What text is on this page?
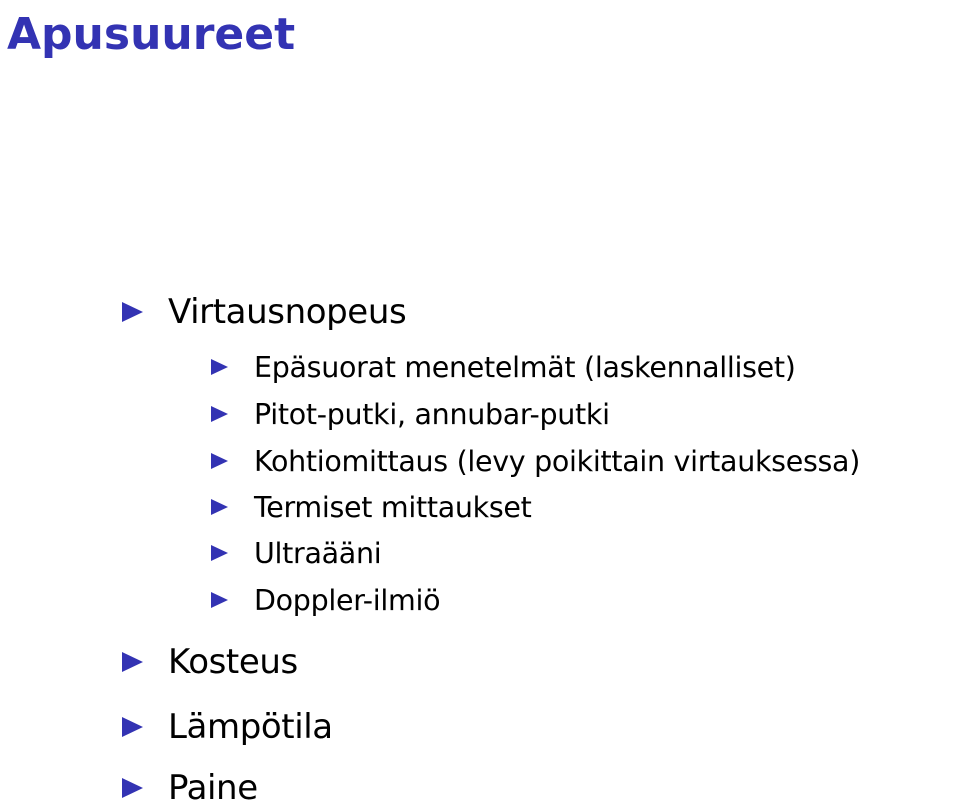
Apusuureet
Virtausnopeus
Epäsuorat menetelmät (laskennalliset)
Pitot-putki, annubar-putki
Kohtiomittaus (levy poikittain virtauksessa)
Termiset mittaukset
Ultraääni
Doppler-ilmiö
Kosteus
Lämpötila
Paine
